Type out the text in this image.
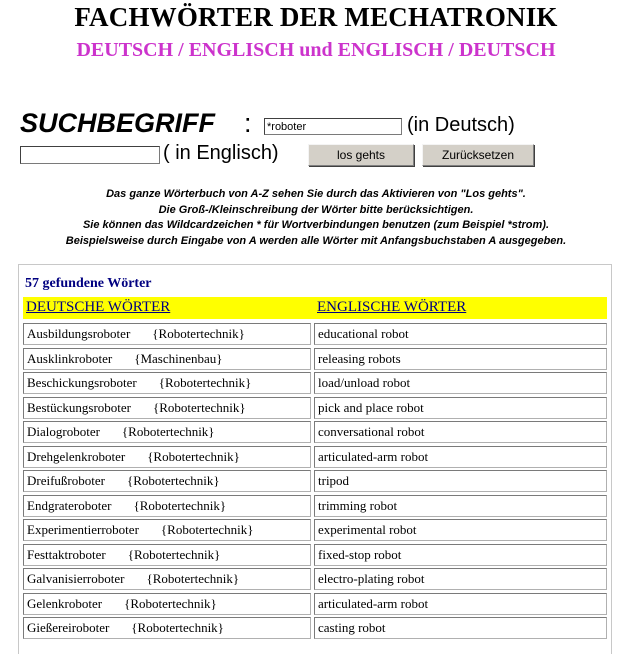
FACHWÖRTER DER MECHATRONIK
DEUTSCH / ENGLISCH und ENGLISCH / DEUTSCH
SUCHBEGRIFF :
*roboter	(in Deutsch)
( in Englisch)	los gehts	Zurücksetzen
Das ganze Wörterbuch von A-Z sehen Sie durch das Aktivieren von "Los gehts".
Die Groß-/Kleinschreibung der Wörter bitte berücksichtigen.
Sie können das Wildcardzeichen * für Wortverbindungen benutzen (zum Beispiel *strom).
Beispielsweise durch Eingabe von A werden alle Wörter mit Anfangsbuchstaben A ausgegeben.
57 gefundene Wörter
DEUTSCHE WÖRTER	ENGLISCHE WÖRTER
Ausbildungsroboter {Robotertechnik}	educational robot
Ausklinkroboter {Maschinenbau}	releasing robots
Beschickungsroboter {Robotertechnik}	load/unload robot
Bestückungsroboter {Robotertechnik}	pick and place robot
Dialogroboter {Robotertechnik}	conversational robot
Drehgelenkroboter {Robotertechnik}	articulated-arm robot
Dreifußroboter {Robotertechnik}	tripod
Endgrateroboter {Robotertechnik}	trimming robot
Experimentierroboter {Robotertechnik}	experimental robot
Festtaktroboter {Robotertechnik}	fixed-stop robot
Galvanisierroboter {Robotertechnik}	electro-plating robot
Gelenkroboter {Robotertechnik}	articulated-arm robot
Gießereiroboter {Robotertechnik}	casting robot
